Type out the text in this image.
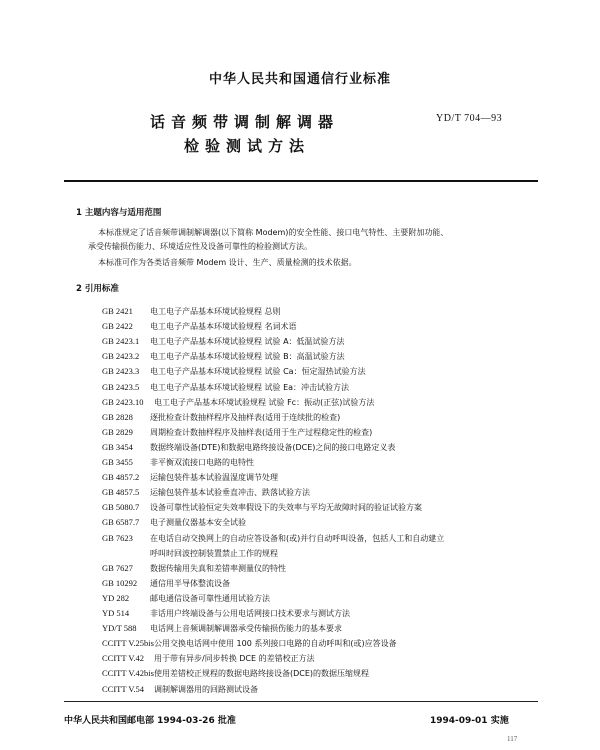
中华人民共和国通信行业标准
话音频带调制解调器
检验测试方法
YD/T 704—93
1 主题内容与适用范围
本标准规定了话音频带调制解调器(以下简称 Modem)的安全性能、接口电气特性、主要附加功能、
承受传输损伤能力、环境适应性及设备可靠性的检验测试方法。
本标准可作为各类话音频带 Modem 设计、生产、质量检测的技术依据。
2 引用标准
GB 2421 电工电子产品基本环境试验规程 总则
GB 2422 电工电子产品基本环境试验规程 名词术语
GB 2423.1 电工电子产品基本环境试验规程 试验 A：低温试验方法
GB 2423.2 电工电子产品基本环境试验规程 试验 B：高温试验方法
GB 2423.3 电工电子产品基本环境试验规程 试验 Ca：恒定湿热试验方法
GB 2423.5 电工电子产品基本环境试验规程 试验 Ea：冲击试验方法
GB 2423.10 电工电子产品基本环境试验规程 试验 Fc：振动(正弦)试验方法
GB 2828 逐批检查计数抽样程序及抽样表(适用于连续批的检查)
GB 2829 周期检查计数抽样程序及抽样表(适用于生产过程稳定性的检查)
GB 3454 数据终端设备(DTE)和数据电路终接设备(DCE)之间的接口电路定义表
GB 3455 非平衡双流接口电路的电特性
GB 4857.2 运输包装件基本试验温湿度调节处理
GB 4857.5 运输包装件基本试验垂直冲击、跌落试验方法
GB 5080.7 设备可靠性试验恒定失效率假设下的失效率与平均无故障时间的验证试验方案
GB 6587.7 电子测量仪器基本安全试验
GB 7623 在电话自动交换网上的自动应答设备和(或)并行自动呼叫设备，包括人工和自动建立
呼叫时回波控制装置禁止工作的规程
GB 7627 数据传输用失真和差错率测量仪的特性
GB 10292 通信用半导体整流设备
YD 282	邮电通信设备可靠性通用试验方法
YD 514	非话用户终端设备与公用电话网接口技术要求与测试方法
YD/T 588 电话网上音频调制解调器承受传输损伤能力的基本要求
CCITT V.25bis公用交换电话网中使用 100 系列接口电路的自动呼叫和(或)应答设备
CCITT V.42 用于带有异步/同步转换 DCE 的差错校正方法
CCITT V.42bis使用差错校正规程的数据电路终接设备(DCE)的数据压缩规程
CCITT V.54 调制解调器用的回路测试设备
中华人民共和国邮电部 1994-03-26 批准	1994-09-01 实施
117
